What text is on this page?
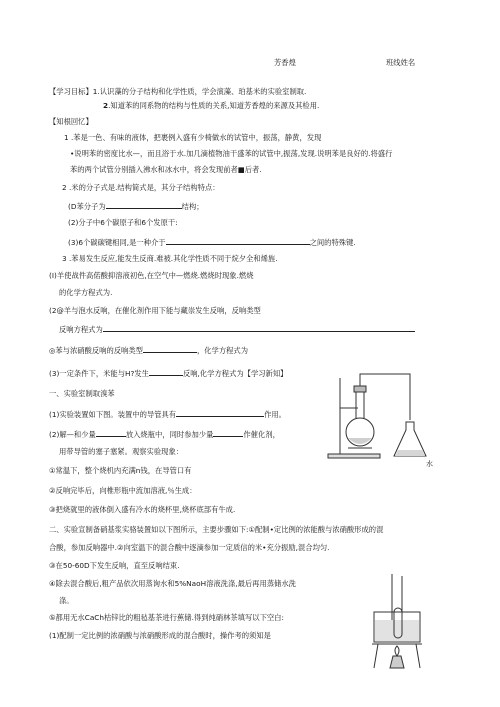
芳香煌	班线姓名
【学习目标】1.认识藻的分子结构和化学性质，学会演藻、珀基米的实验室制取.
2.知道苯的同系物的结构与性质的关系,知道芳香煌的来源及其检用.
【知根回忆】
1 .苯是一色、有味的液体，把裹例入盛有少椅做水的试管中，振荡，静黄，发现
•说明苯的密度比水—，而且浴于水.加几滴植物油干盛苯的试管中,振荡,发现.说明苯是良好的.将盛行
苯的两个试管分别插入沸水和冰水中，将会发现前者■后者.
2 .米的分子式是.结构简式是，其分子结构特点：
(D苯分子为	结构；
(2)分子中6个碳原子和6个发原干:
(3)6个碳碳键相同,是一种介于	之间的特殊键.
3 .苯易发生反应,能发生反商.难被.其化学性质不同于烷夕全和烯旌.
(I)羊使战件高偌酸抑溶液初色,在空气中—燃烧.燃烧时现象.燃烧
的化学方程式为.
(2@羊与泡水反响，在催化剂作用下能与藏崇发生反响，反响类型
反响方程式为
◎苯与浓硝酸反响的反响类型	，化学方程式为
(3)一定条件下，米能与H?发生	反响,化学方程式为【学习新知】
一、实验室制取溴苯
(1)实验装置如下图。装置中的导管具有	作用。
(2)解—和少量	放入烧瓶中，同时参加少量	作催化剂，
用带导管的塞子塞紧。观察实验现象：
①常温下，整个烧机内充满n钱，在导管口有
②反响完毕后，向椎形瓶中流加溶液,％生成：
③把烧就里的液体倒入盛有冷水的烧杯里,烧杯底部有牛成.
水
二、实验宣制备硝基浆实骆装置如以下图所示，主要步骤如下:①配制•定比例的浓能酸与浓硝酸形成的混
合酸，参加反响器中.②向室温下的混合酸中逐滴参加一定质信的米•充分振励,混合均匀.
③在50-60D下发生反响，直至反响结束.
④除去混合酸后,粗产品依次用蒸询水和5%NaoH溶液洗涤,最后再用蒸储水洗
涤。
⑤都用无水CaCh枯锌比的粗毡基茶进行蕉储.得到纯硝林茶填写以下空白:
(1)配制一定比例的浓硝酸与浓硝酸形成的混合酸时，操作考的须知是
